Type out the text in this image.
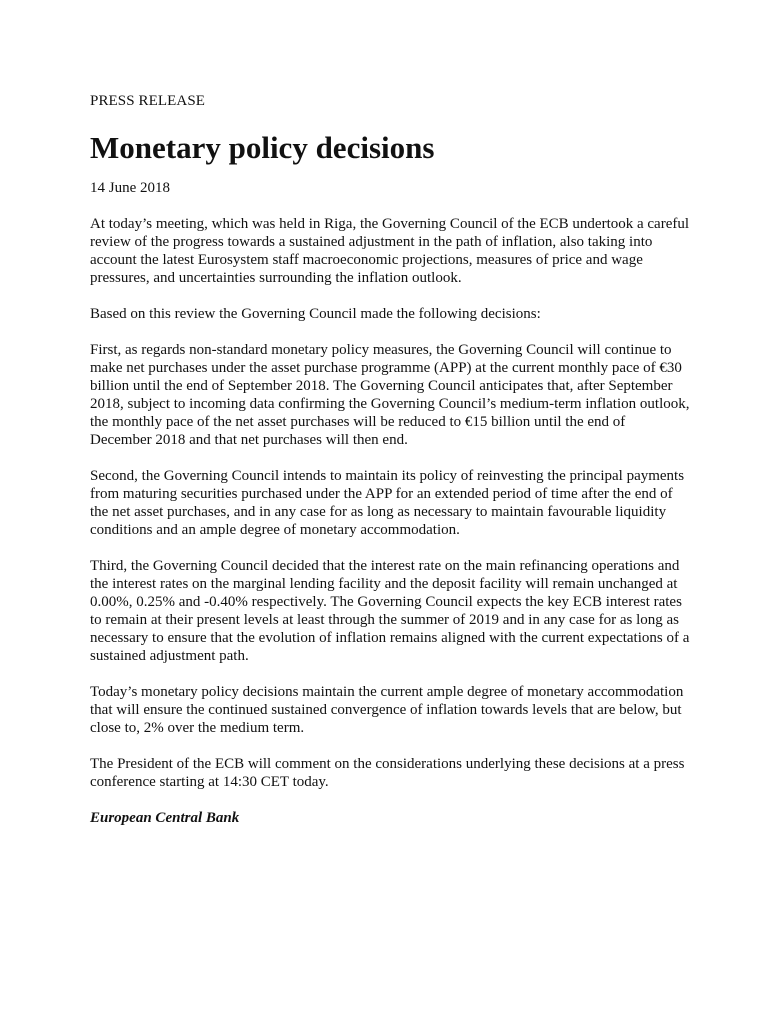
PRESS RELEASE
Monetary policy decisions
14 June 2018

At today’s meeting, which was held in Riga, the Governing Council of the ECB undertook a careful review of the progress towards a sustained adjustment in the path of inflation, also taking into account the latest Eurosystem staff macroeconomic projections, measures of price and wage pressures, and uncertainties surrounding the inflation outlook.

Based on this review the Governing Council made the following decisions:

First, as regards non-standard monetary policy measures, the Governing Council will continue to make net purchases under the asset purchase programme (APP) at the current monthly pace of €30 billion until the end of September 2018. The Governing Council anticipates that, after September 2018, subject to incoming data confirming the Governing Council’s medium-term inflation outlook, the monthly pace of the net asset purchases will be reduced to €15 billion until the end of December 2018 and that net purchases will then end.

Second, the Governing Council intends to maintain its policy of reinvesting the principal payments from maturing securities purchased under the APP for an extended period of time after the end of the net asset purchases, and in any case for as long as necessary to maintain favourable liquidity conditions and an ample degree of monetary accommodation.

Third, the Governing Council decided that the interest rate on the main refinancing operations and the interest rates on the marginal lending facility and the deposit facility will remain unchanged at 0.00%, 0.25% and -0.40% respectively. The Governing Council expects the key ECB interest rates to remain at their present levels at least through the summer of 2019 and in any case for as long as necessary to ensure that the evolution of inflation remains aligned with the current expectations of a sustained adjustment path.

Today’s monetary policy decisions maintain the current ample degree of monetary accommodation that will ensure the continued sustained convergence of inflation towards levels that are below, but close to, 2% over the medium term.

The President of the ECB will comment on the considerations underlying these decisions at a press conference starting at 14:30 CET today.

European Central Bank
